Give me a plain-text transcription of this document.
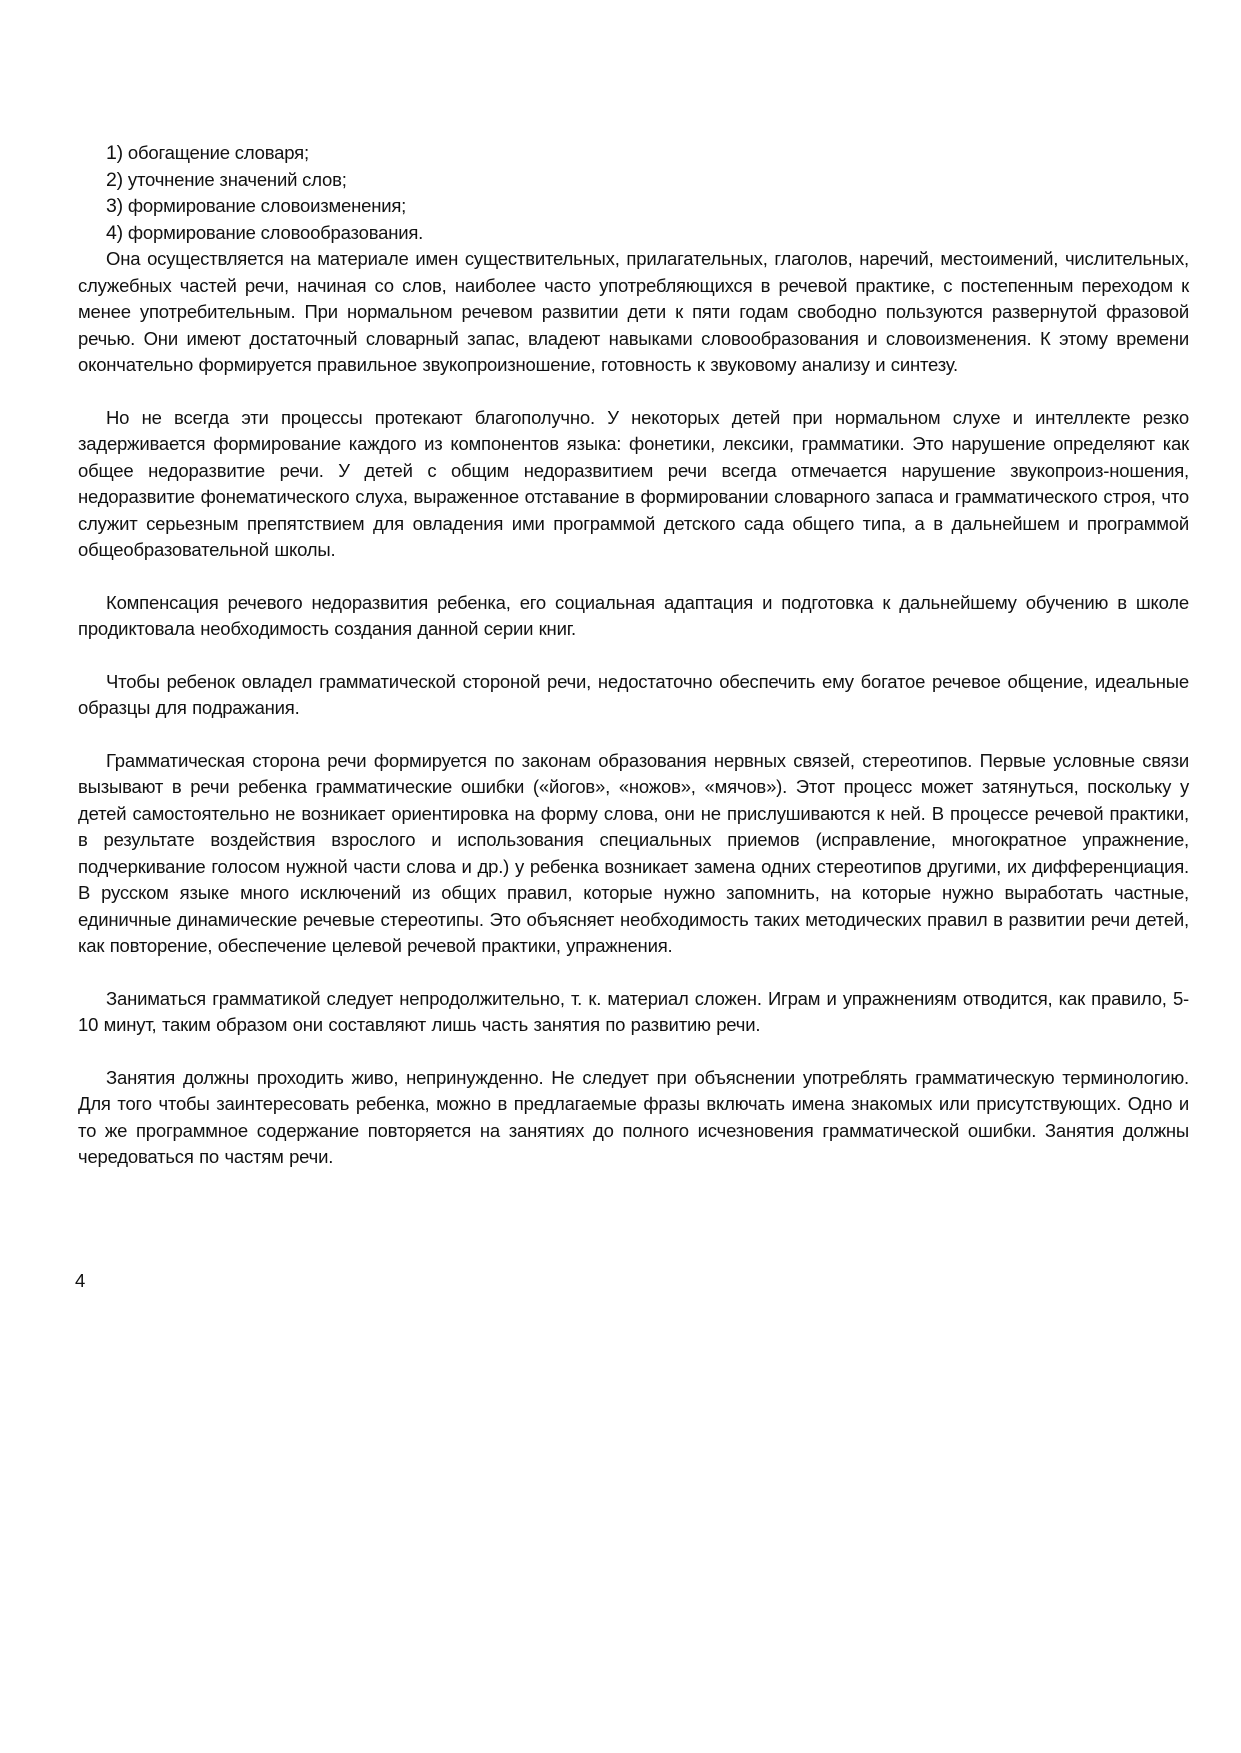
1) обогащение словаря;
2) уточнение значений слов;
3) формирование словоизменения;
4) формирование словообразования.

Она осуществляется на материале имен существительных, прилагательных, глаголов, наречий, местоимений, числительных, служебных частей речи, начиная со слов, наиболее часто употребляющихся в речевой практике, с постепенным переходом к менее употребительным. При нормальном речевом развитии дети к пяти годам свободно пользуются развернутой фразовой речью. Они имеют достаточный словарный запас, владеют навыками словообразования и словоизменения. К этому времени окончательно формируется правильное звукопроизношение, готовность к звуковому анализу и синтезу.

Но не всегда эти процессы протекают благополучно. У некоторых детей при нормальном слухе и интеллекте резко задерживается формирование каждого из компонентов языка: фонетики, лексики, грамматики. Это нарушение определяют как общее недоразвитие речи. У детей с общим недоразвитием речи всегда отмечается нарушение звукопроиз-ношения, недоразвитие фонематического слуха, выраженное отставание в формировании словарного запаса и грамматического строя, что служит серьезным препятствием для овладения ими программой детского сада общего типа, а в дальнейшем и программой общеобразовательной школы.

Компенсация речевого недоразвития ребенка, его социальная адаптация и подготовка к дальнейшему обучению в школе продиктовала необходимость создания данной серии книг.

Чтобы ребенок овладел грамматической стороной речи, недостаточно обеспечить ему богатое речевое общение, идеальные образцы для подражания.

Грамматическая сторона речи формируется по законам образования нервных связей, стереотипов. Первые условные связи вызывают в речи ребенка грамматические ошибки («йогов», «ножов», «мячов»). Этот процесс может затянуться, поскольку у детей самостоятельно не возникает ориентировка на форму слова, они не прислушиваются к ней. В процессе речевой практики, в результате воздействия взрослого и использования специальных приемов (исправление, многократное упражнение, подчеркивание голосом нужной части слова и др.) у ребенка возникает замена одних стереотипов другими, их дифференциация. В русском языке много исключений из общих правил, которые нужно запомнить, на которые нужно выработать частные, единичные динамические речевые стереотипы. Это объясняет необходимость таких методических правил в развитии речи детей, как повторение, обеспечение целевой речевой практики, упражнения.

Заниматься грамматикой следует непродолжительно, т. к. материал сложен. Играм и упражнениям отводится, как правило, 5-10 минут, таким образом они составляют лишь часть занятия по развитию речи.

Занятия должны проходить живо, непринужденно. Не следует при объяснении употреблять грамматическую терминологию. Для того чтобы заинтересовать ребенка, можно в предлагаемые фразы включать имена знакомых или присутствующих. Одно и то же программное содержание повторяется на занятиях до полного исчезновения грамматической ошибки. Занятия должны чередоваться по частям речи.

4
